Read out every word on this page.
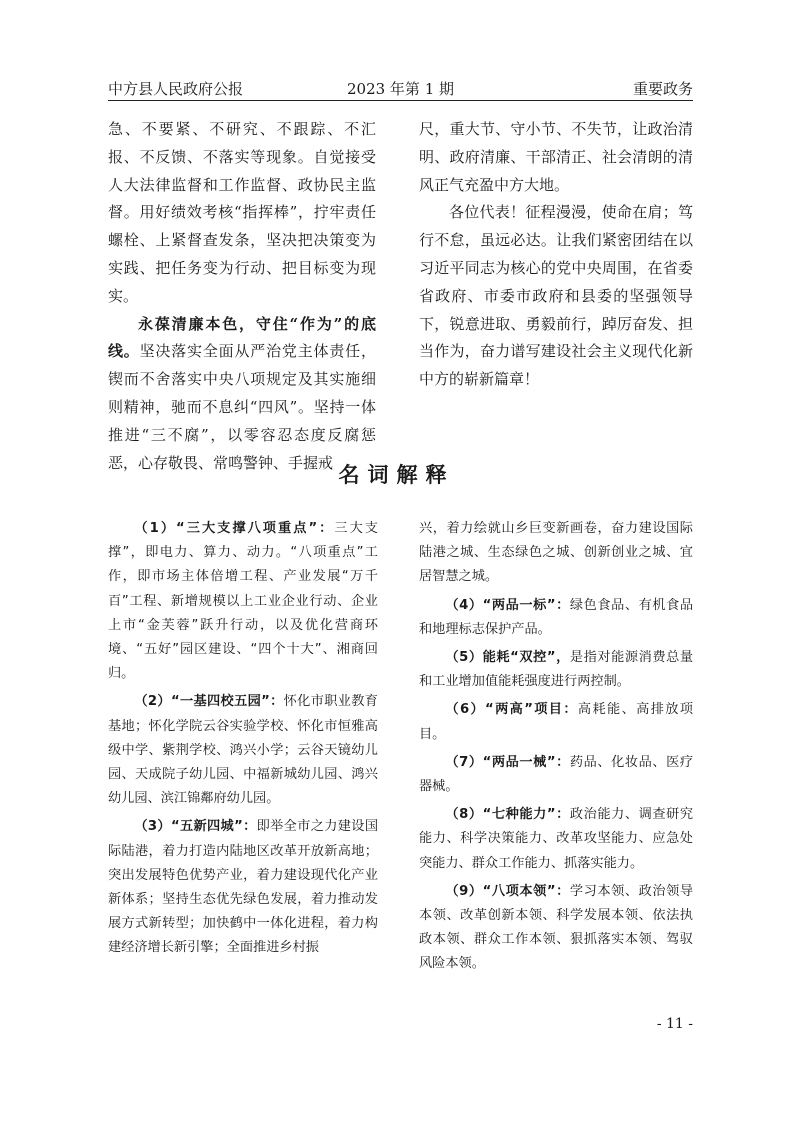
中方县人民政府公报	2023 年第 1 期	重要政务

急、不要紧、不研究、不跟踪、不汇报、不反馈、不落实等现象。自觉接受人大法律监督和工作监督、政协民主监督。用好绩效考核“指挥棒”，拧牢责任螺栓、上紧督查发条，坚决把决策变为实践、把任务变为行动、把目标变为现实。

永葆清廉本色，守住“作为”的底线。坚决落实全面从严治党主体责任，锲而不舍落实中央八项规定及其实施细则精神，驰而不息纠“四风”。坚持一体推进“三不腐”，以零容忍态度反腐惩恶，心存敬畏、常鸣警钟、手握戒

尺，重大节、守小节、不失节，让政治清明、政府清廉、干部清正、社会清朗的清风正气充盈中方大地。

各位代表！征程漫漫，使命在肩；笃行不怠，虽远必达。让我们紧密团结在以习近平同志为核心的党中央周围，在省委省政府、市委市政府和县委的坚强领导下，锐意进取、勇毅前行，踔厉奋发、担当作为，奋力谱写建设社会主义现代化新中方的崭新篇章！

名词解释

（1）“三大支撑八项重点”：三大支撑”，即电力、算力、动力。“八项重点”工作，即市场主体倍增工程、产业发展“万千百”工程、新增规模以上工业企业行动、企业上市“金芙蓉”跃升行动，以及优化营商环境、“五好”园区建设、“四个十大”、湘商回归。

（2）“一基四校五园”：怀化市职业教育基地；怀化学院云谷实验学校、怀化市恒雅高级中学、紫荆学校、鸿兴小学；云谷天镜幼儿园、天成院子幼儿园、中福新城幼儿园、鸿兴幼儿园、滨江锦鄰府幼儿园。

（3）“五新四城”：即举全市之力建设国际陆港，着力打造内陆地区改革开放新高地；突出发展特色优势产业，着力建设现代化产业新体系；坚持生态优先绿色发展，着力推动发展方式新转型；加快鹤中一体化进程，着力构建经济增长新引擎；全面推进乡村振

兴，着力绘就山乡巨变新画卷，奋力建设国际陆港之城、生态绿色之城、创新创业之城、宜居智慧之城。

（4）“两品一标”：绿色食品、有机食品和地理标志保护产品。

（5）能耗“双控”，是指对能源消费总量和工业增加值能耗强度进行两控制。

（6）“两高”项目：高耗能、高排放项目。

（7）“两品一械”：药品、化妆品、医疗器械。

（8）“七种能力”：政治能力、调查研究能力、科学决策能力、改革攻坚能力、应急处突能力、群众工作能力、抓落实能力。

（9）“八项本领”：学习本领、政治领导本领、改革创新本领、科学发展本领、依法执政本领、群众工作本领、狠抓落实本领、驾驭风险本领。

- 11 -
